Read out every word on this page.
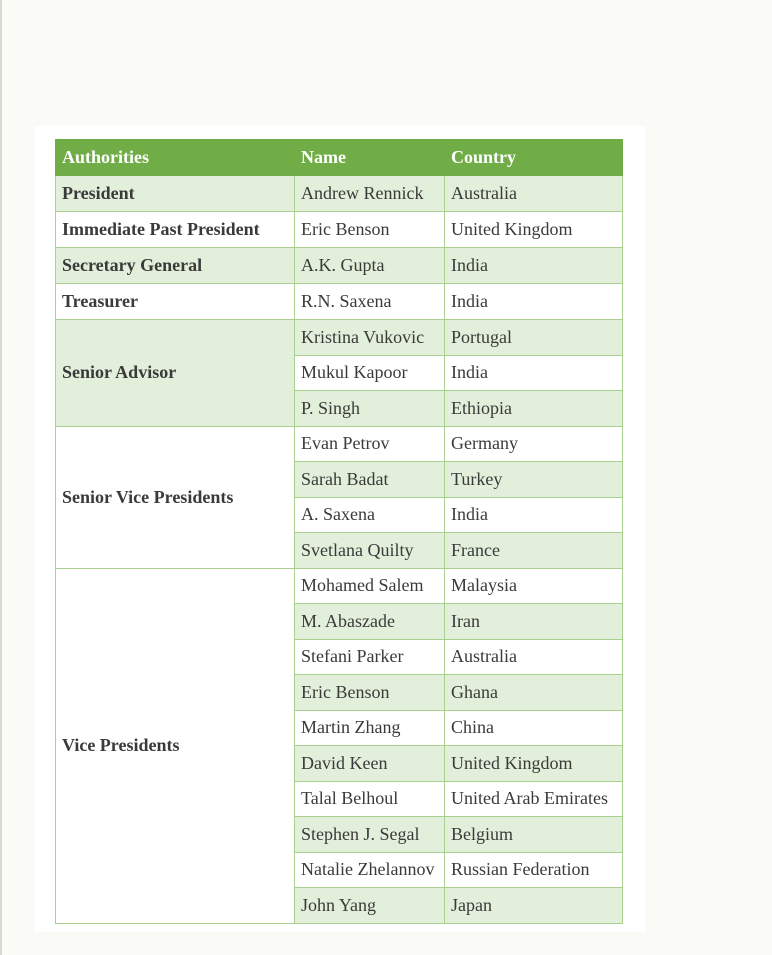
Authorities	Name	Country
President	Andrew Rennick	Australia
Immediate Past President	Eric Benson	United Kingdom
Secretary General	A.K. Gupta	India
Treasurer	R.N. Saxena	India
Senior Advisor	Kristina Vukovic	Portugal
	Mukul Kapoor	India
	P. Singh	Ethiopia
Senior Vice Presidents	Evan Petrov	Germany
	Sarah Badat	Turkey
	A. Saxena	India
	Svetlana Quilty	France
Vice Presidents	Mohamed Salem	Malaysia
	M. Abaszade	Iran
	Stefani Parker	Australia
	Eric Benson	Ghana
	Martin Zhang	China
	David Keen	United Kingdom
	Talal Belhoul	United Arab Emirates
	Stephen J. Segal	Belgium
	Natalie Zhelannov	Russian Federation
	John Yang	Japan
